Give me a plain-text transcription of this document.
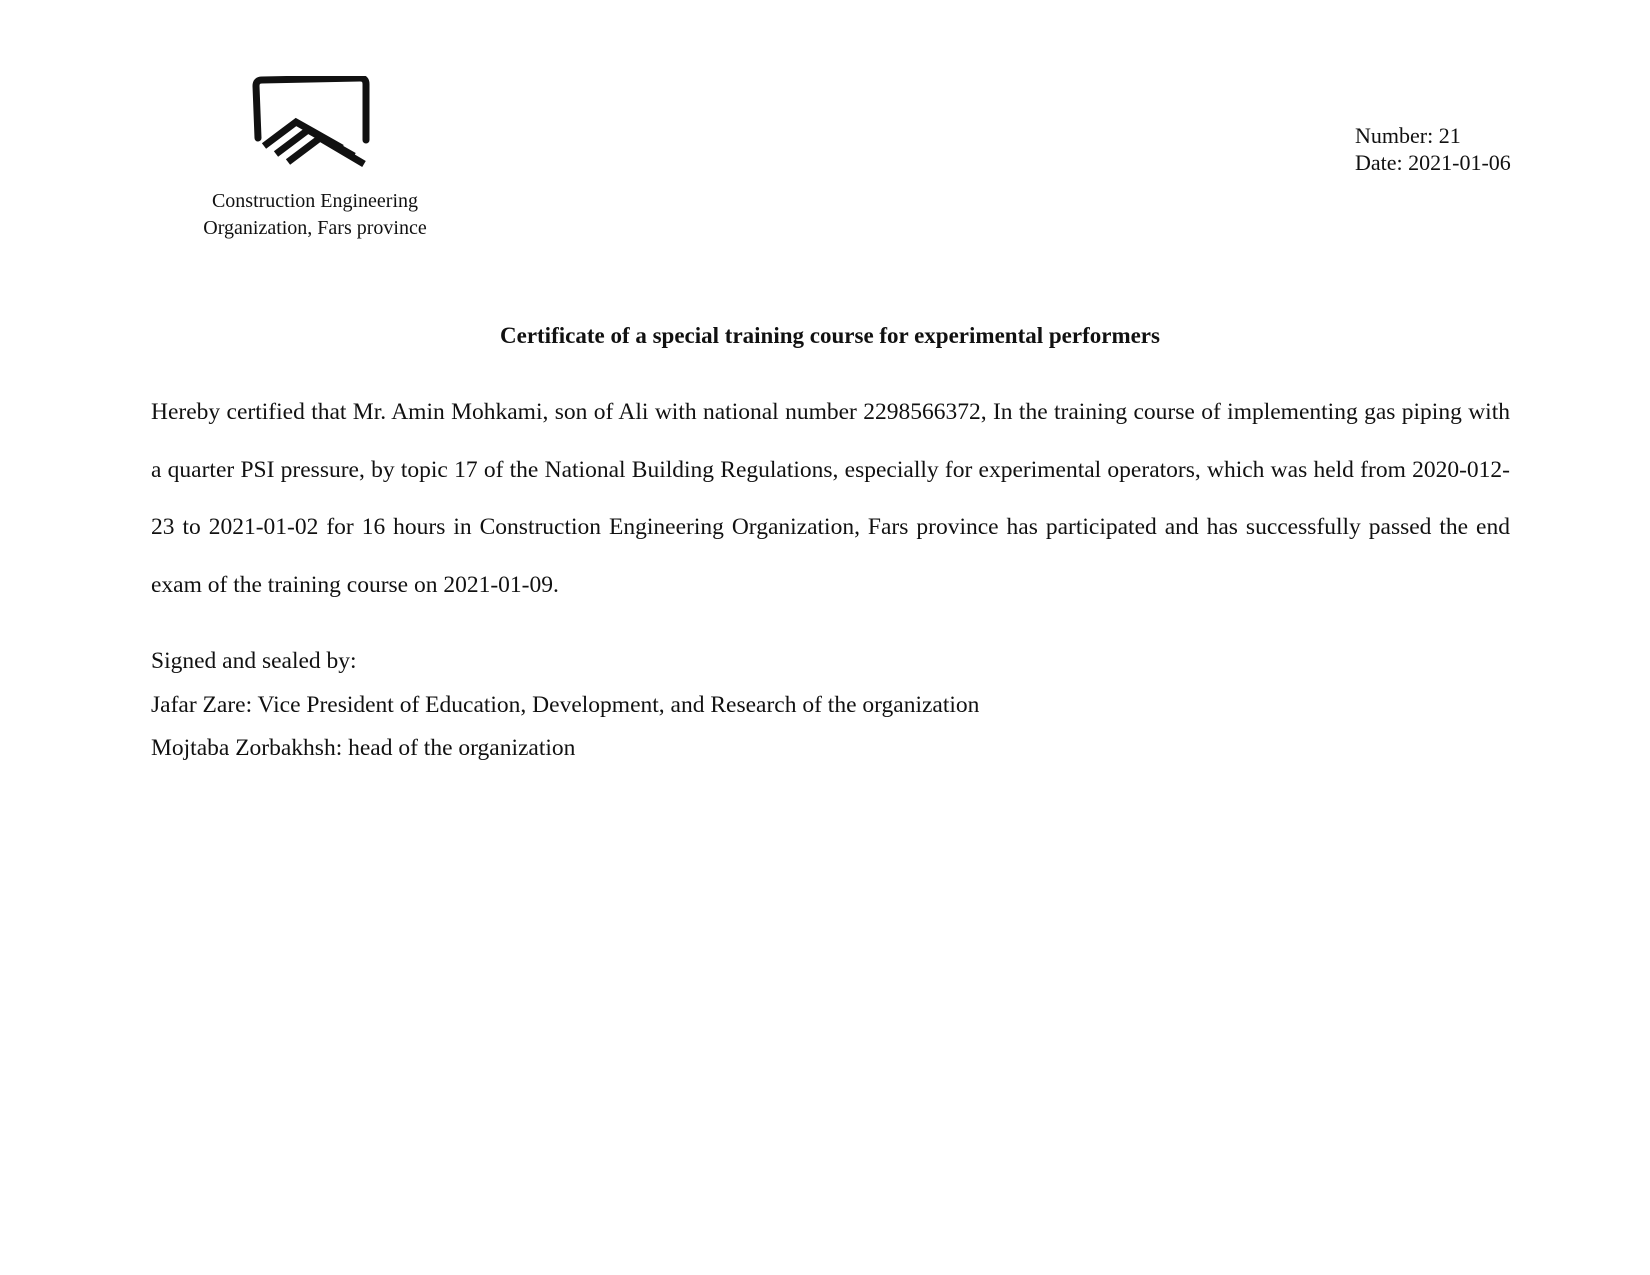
Construction Engineering Organization, Fars province
Number: 21
Date: 2021-01-06
Certificate of a special training course for experimental performers

Hereby certified that Mr. Amin Mohkami, son of Ali with national number 2298566372, In the training course of implementing gas piping with a quarter PSI pressure, by topic 17 of the National Building Regulations, especially for experimental operators, which was held from 2020-012-23 to 2021-01-02 for 16 hours in Construction Engineering Organization, Fars province has participated and has successfully passed the end exam of the training course on 2021-01-09.

Signed and sealed by:
Jafar Zare: Vice President of Education, Development, and Research of the organization
Mojtaba Zorbakhsh: head of the organization
